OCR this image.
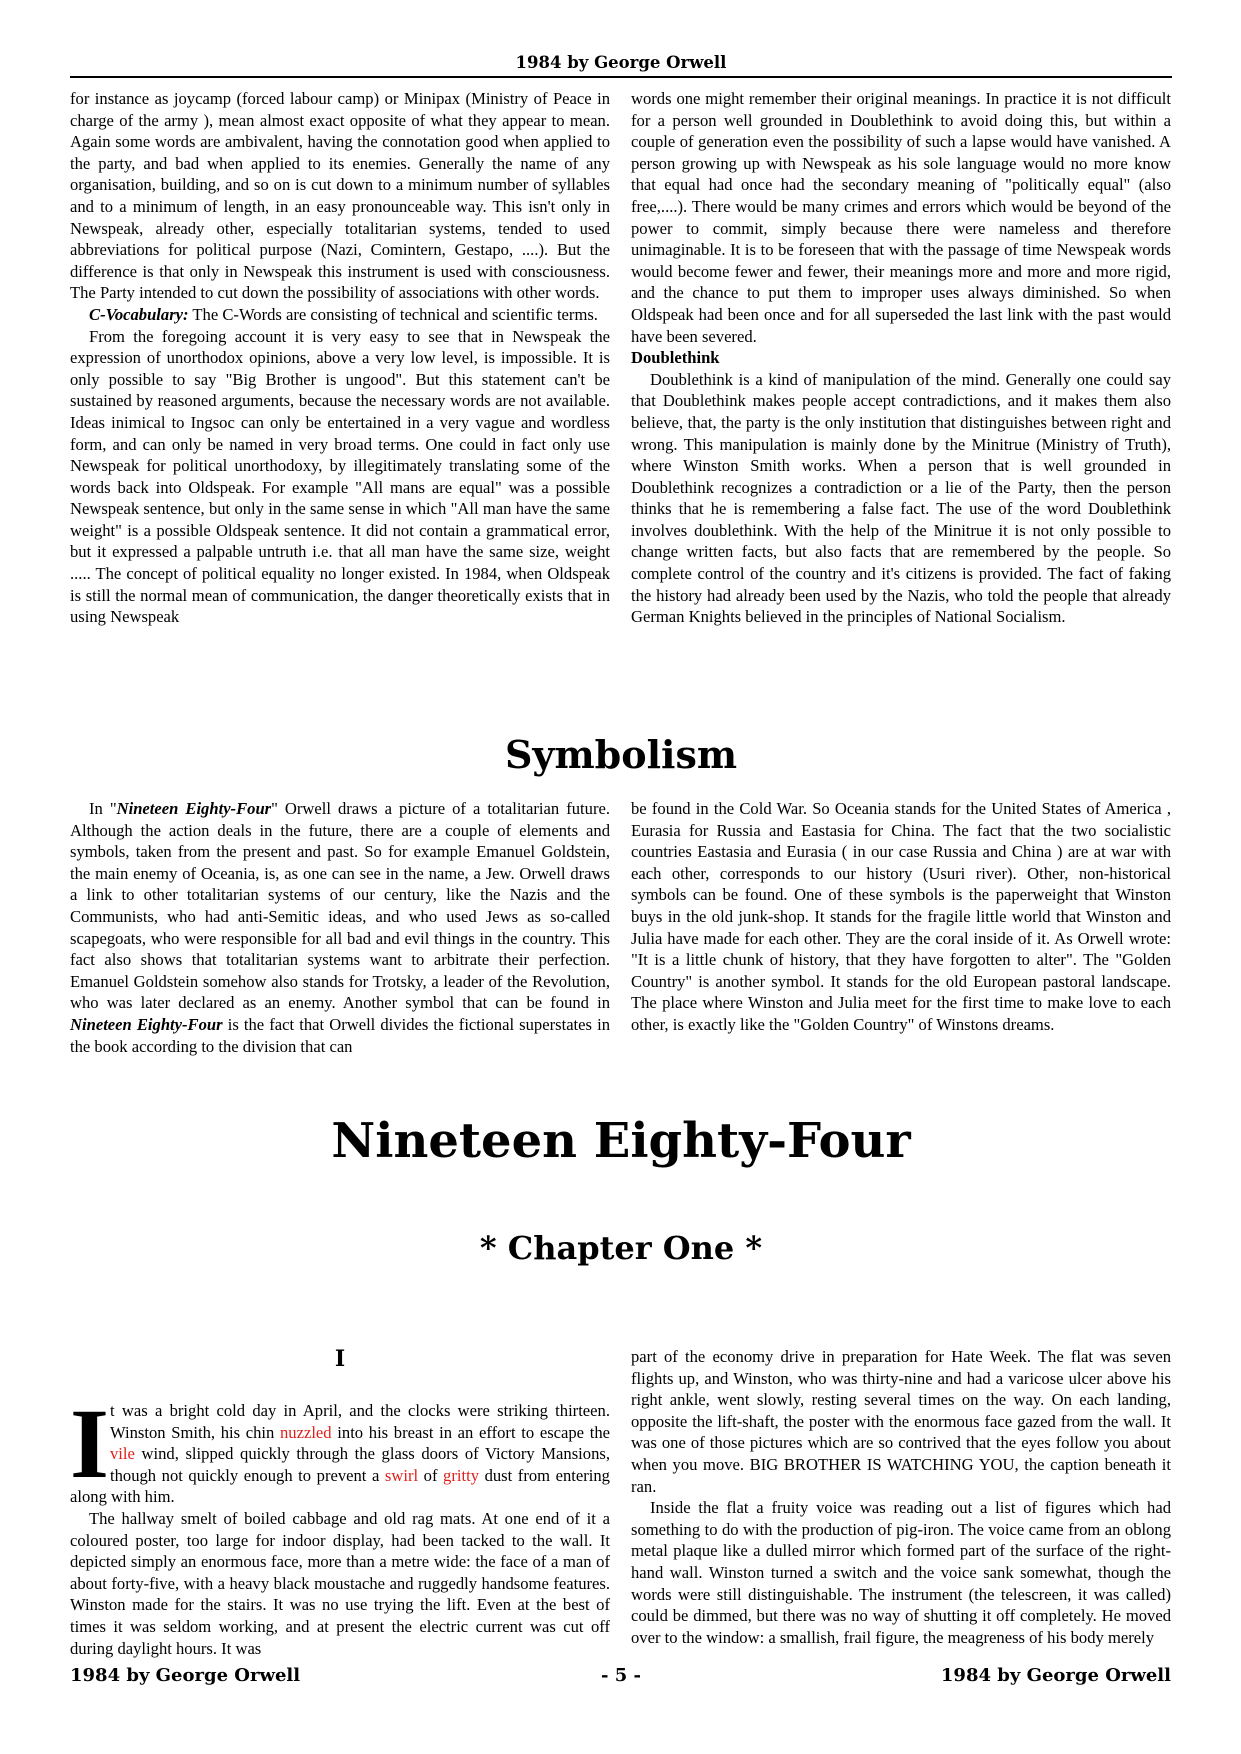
1984 by George Orwell

for instance as joycamp (forced labour camp) or Minipax (Ministry of Peace in charge of the army ), mean almost exact opposite of what they appear to mean. Again some words are ambivalent, having the connotation good when applied to the party, and bad when applied to its enemies. Generally the name of any organisation, building, and so on is cut down to a minimum number of syllables and to a minimum of length, in an easy pronounceable way. This isn't only in Newspeak, already other, especially totalitarian systems, tended to used abbreviations for political purpose (Nazi, Comintern, Gestapo, ....). But the difference is that only in Newspeak this instrument is used with consciousness. The Party intended to cut down the possibility of associations with other words.

C-Vocabulary: The C-Words are consisting of technical and scientific terms.

From the foregoing account it is very easy to see that in Newspeak the expression of unorthodox opinions, above a very low level, is impossible. It is only possible to say "Big Brother is ungood". But this statement can't be sustained by reasoned arguments, because the necessary words are not available. Ideas inimical to Ingsoc can only be entertained in a very vague and wordless form, and can only be named in very broad terms. One could in fact only use Newspeak for political unorthodoxy, by illegitimately translating some of the words back into Oldspeak. For example "All mans are equal" was a possible Newspeak sentence, but only in the same sense in which "All man have the same weight" is a possible Oldspeak sentence. It did not contain a grammatical error, but it expressed a palpable untruth i.e. that all man have the same size, weight ..... The concept of political equality no longer existed. In 1984, when Oldspeak is still the normal mean of communication, the danger theoretically exists that in using Newspeak

words one might remember their original meanings. In practice it is not difficult for a person well grounded in Doublethink to avoid doing this, but within a couple of generation even the possibility of such a lapse would have vanished. A person growing up with Newspeak as his sole language would no more know that equal had once had the secondary meaning of "politically equal" (also free,....). There would be many crimes and errors which would be beyond of the power to commit, simply because there were nameless and therefore unimaginable. It is to be foreseen that with the passage of time Newspeak words would become fewer and fewer, their meanings more and more and more rigid, and the chance to put them to improper uses always diminished. So when Oldspeak had been once and for all superseded the last link with the past would have been severed.

Doublethink

Doublethink is a kind of manipulation of the mind. Generally one could say that Doublethink makes people accept contradictions, and it makes them also believe, that, the party is the only institution that distinguishes between right and wrong. This manipulation is mainly done by the Minitrue (Ministry of Truth), where Winston Smith works. When a person that is well grounded in Doublethink recognizes a contradiction or a lie of the Party, then the person thinks that he is remembering a false fact. The use of the word Doublethink involves doublethink. With the help of the Minitrue it is not only possible to change written facts, but also facts that are remembered by the people. So complete control of the country and it's citizens is provided. The fact of faking the history had already been used by the Nazis, who told the people that already German Knights believed in the principles of National Socialism.

Symbolism

In "Nineteen Eighty-Four" Orwell draws a picture of a totalitarian future. Although the action deals in the future, there are a couple of elements and symbols, taken from the present and past. So for example Emanuel Goldstein, the main enemy of Oceania, is, as one can see in the name, a Jew. Orwell draws a link to other totalitarian systems of our century, like the Nazis and the Communists, who had anti-Semitic ideas, and who used Jews as so-called scapegoats, who were responsible for all bad and evil things in the country. This fact also shows that totalitarian systems want to arbitrate their perfection. Emanuel Goldstein somehow also stands for Trotsky, a leader of the Revolution, who was later declared as an enemy. Another symbol that can be found in Nineteen Eighty-Four is the fact that Orwell divides the fictional superstates in the book according to the division that can

be found in the Cold War. So Oceania stands for the United States of America , Eurasia for Russia and Eastasia for China. The fact that the two socialistic countries Eastasia and Eurasia ( in our case Russia and China ) are at war with each other, corresponds to our history (Usuri river). Other, non-historical symbols can be found. One of these symbols is the paperweight that Winston buys in the old junk-shop. It stands for the fragile little world that Winston and Julia have made for each other. They are the coral inside of it. As Orwell wrote: "It is a little chunk of history, that they have forgotten to alter". The "Golden Country" is another symbol. It stands for the old European pastoral landscape. The place where Winston and Julia meet for the first time to make love to each other, is exactly like the "Golden Country" of Winstons dreams.

Nineteen Eighty-Four
* Chapter One *
I
I t was a bright cold day in April, and the clocks were striking thirteen. Winston Smith, his chin nuzzled into his breast in an effort to escape the vile wind, slipped quickly through the glass doors of Victory Mansions, though not quickly enough to prevent a swirl of gritty dust from entering along with him.

The hallway smelt of boiled cabbage and old rag mats. At one end of it a coloured poster, too large for indoor display, had been tacked to the wall. It depicted simply an enormous face, more than a metre wide: the face of a man of about forty-five, with a heavy black moustache and ruggedly handsome features. Winston made for the stairs. It was no use trying the lift. Even at the best of times it was seldom working, and at present the electric current was cut off during daylight hours. It was

part of the economy drive in preparation for Hate Week. The flat was seven flights up, and Winston, who was thirty-nine and had a varicose ulcer above his right ankle, went slowly, resting several times on the way. On each landing, opposite the lift-shaft, the poster with the enormous face gazed from the wall. It was one of those pictures which are so contrived that the eyes follow you about when you move. BIG BROTHER IS WATCHING YOU, the caption beneath it ran.

Inside the flat a fruity voice was reading out a list of figures which had something to do with the production of pig-iron. The voice came from an oblong metal plaque like a dulled mirror which formed part of the surface of the right-hand wall. Winston turned a switch and the voice sank somewhat, though the words were still distinguishable. The instrument (the telescreen, it was called) could be dimmed, but there was no way of shutting it off completely. He moved over to the window: a smallish, frail figure, the meagreness of his body merely

1984 by George Orwell	- 5 -	1984 by George Orwell
